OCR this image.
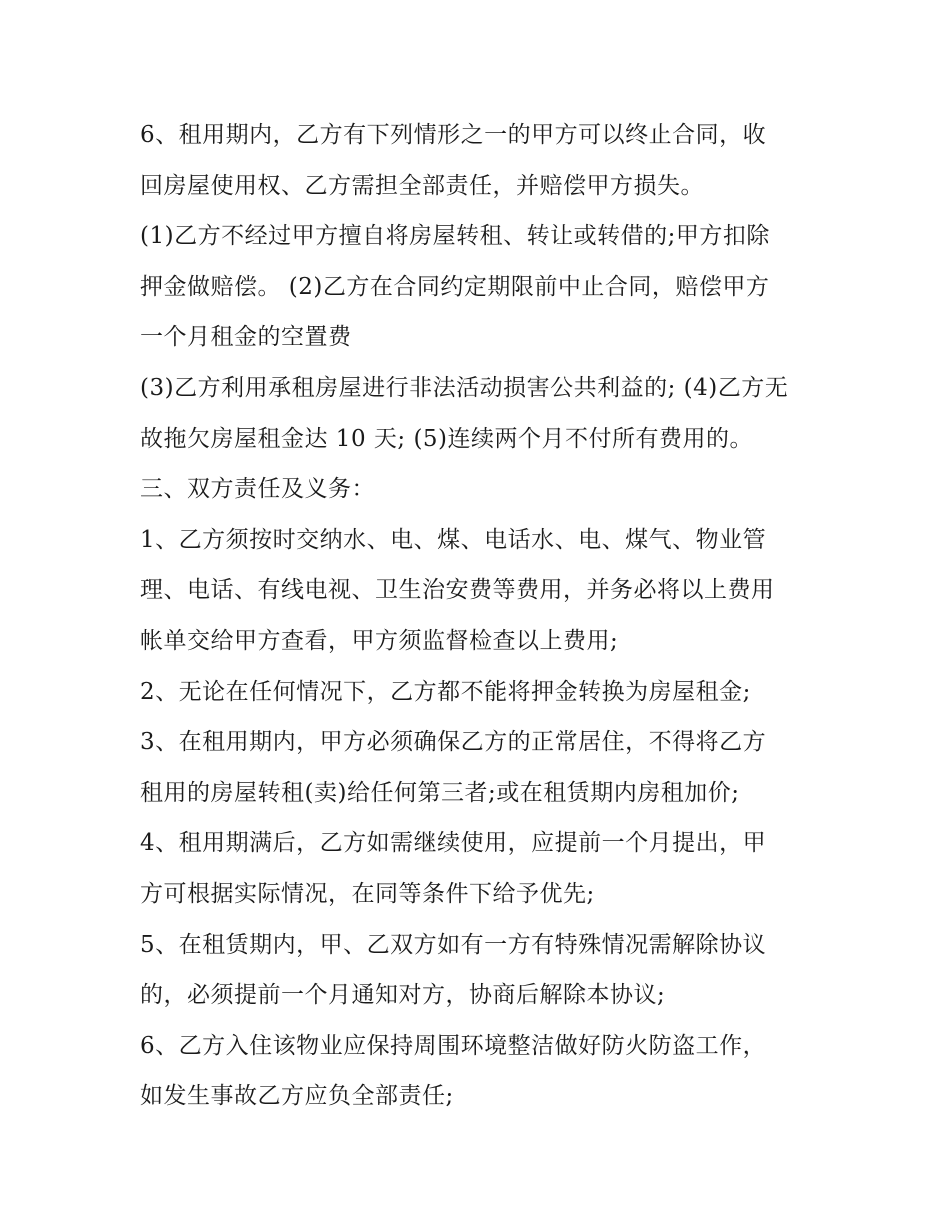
6、租用期内，乙方有下列情形之一的甲方可以终止合同，收
回房屋使用权、乙方需担全部责任，并赔偿甲方损失。
(1)乙方不经过甲方擅自将房屋转租、转让或转借的;甲方扣除
押金做赔偿。 (2)乙方在合同约定期限前中止合同，赔偿甲方
一个月租金的空置费
(3)乙方利用承租房屋进行非法活动损害公共利益的; (4)乙方无
故拖欠房屋租金达 10 天; (5)连续两个月不付所有费用的。
三、双方责任及义务：
1、乙方须按时交纳水、电、煤、电话水、电、煤气、物业管
理、电话、有线电视、卫生治安费等费用，并务必将以上费用
帐单交给甲方查看，甲方须监督检查以上费用;
2、无论在任何情况下，乙方都不能将押金转换为房屋租金;
3、在租用期内，甲方必须确保乙方的正常居住，不得将乙方
租用的房屋转租(卖)给任何第三者;或在租赁期内房租加价;
4、租用期满后，乙方如需继续使用，应提前一个月提出，甲
方可根据实际情况，在同等条件下给予优先;
5、在租赁期内，甲、乙双方如有一方有特殊情况需解除协议
的，必须提前一个月通知对方，协商后解除本协议;
6、乙方入住该物业应保持周围环境整洁做好防火防盗工作，
如发生事故乙方应负全部责任;
